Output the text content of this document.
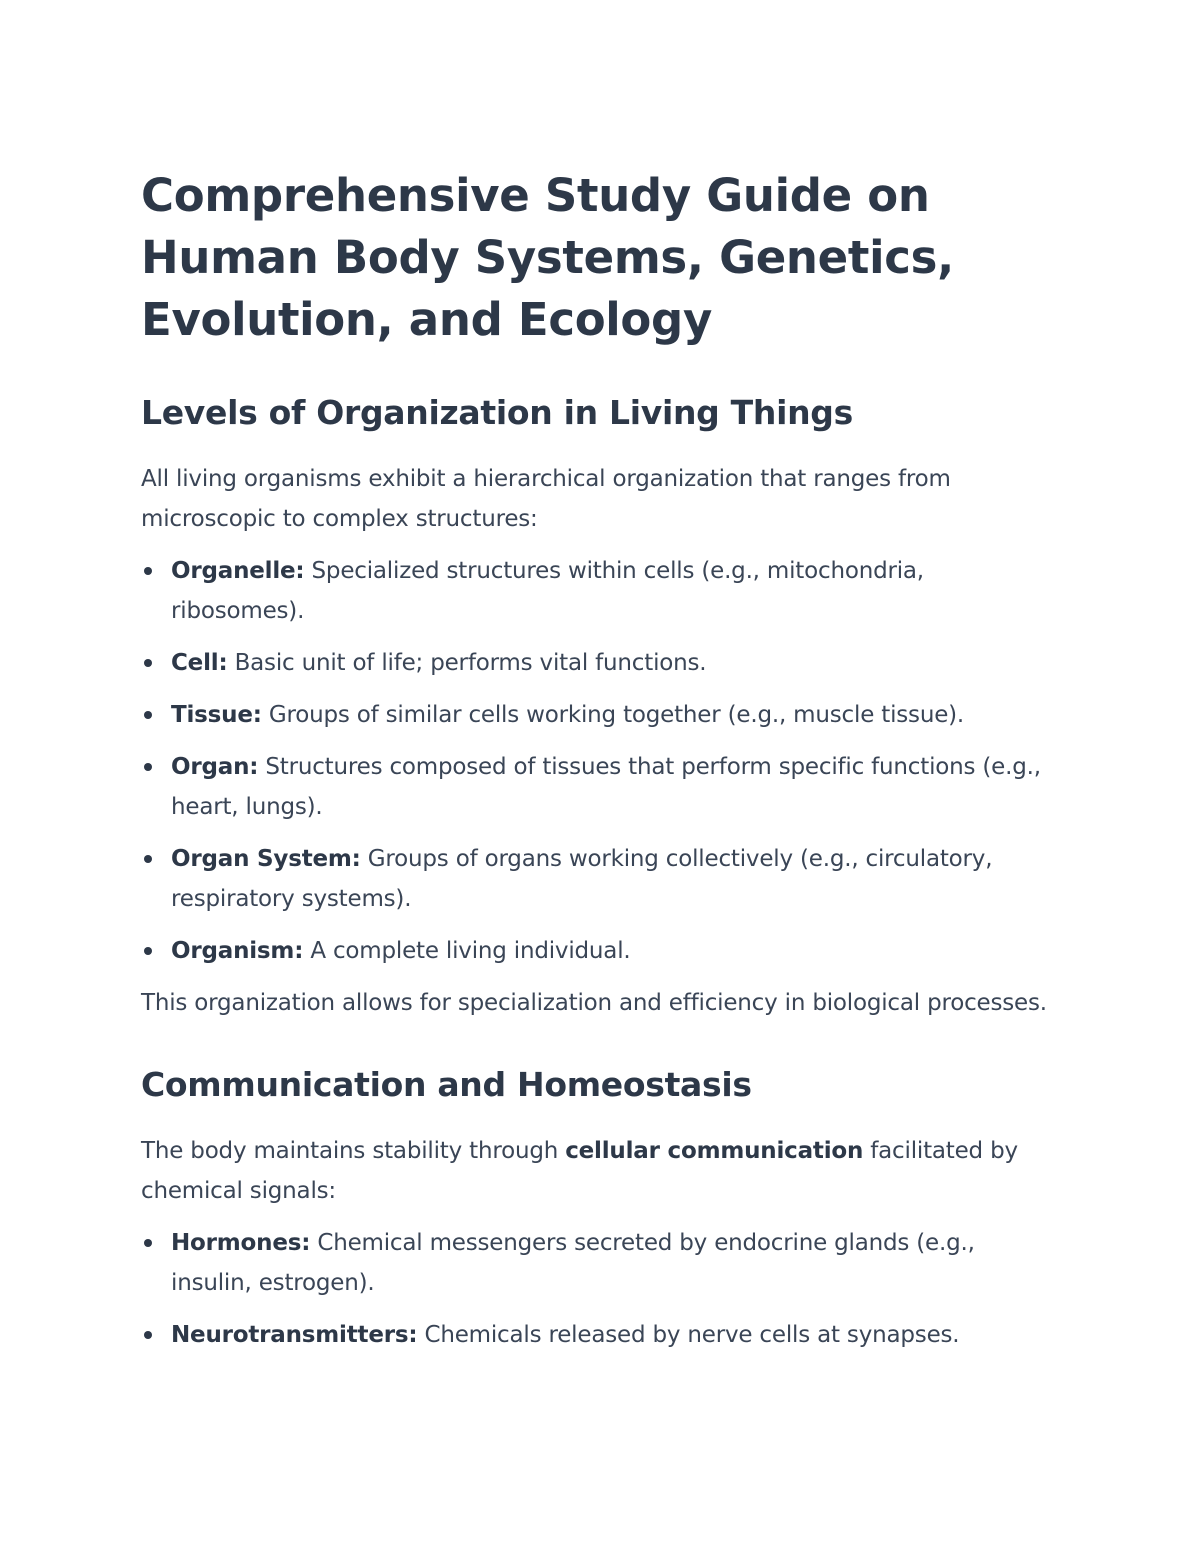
Comprehensive Study Guide on Human Body Systems, Genetics, Evolution, and Ecology
Levels of Organization in Living Things

All living organisms exhibit a hierarchical organization that ranges from microscopic to complex structures:

Organelle: Specialized structures within cells (e.g., mitochondria, ribosomes).
Cell: Basic unit of life; performs vital functions.
Tissue: Groups of similar cells working together (e.g., muscle tissue).
Organ: Structures composed of tissues that perform specific functions (e.g., heart, lungs).
Organ System: Groups of organs working collectively (e.g., circulatory, respiratory systems).
Organism: A complete living individual.

This organization allows for specialization and efficiency in biological processes.

Communication and Homeostasis

The body maintains stability through cellular communication facilitated by chemical signals:

Hormones: Chemical messengers secreted by endocrine glands (e.g., insulin, estrogen).
Neurotransmitters: Chemicals released by nerve cells at synapses.
